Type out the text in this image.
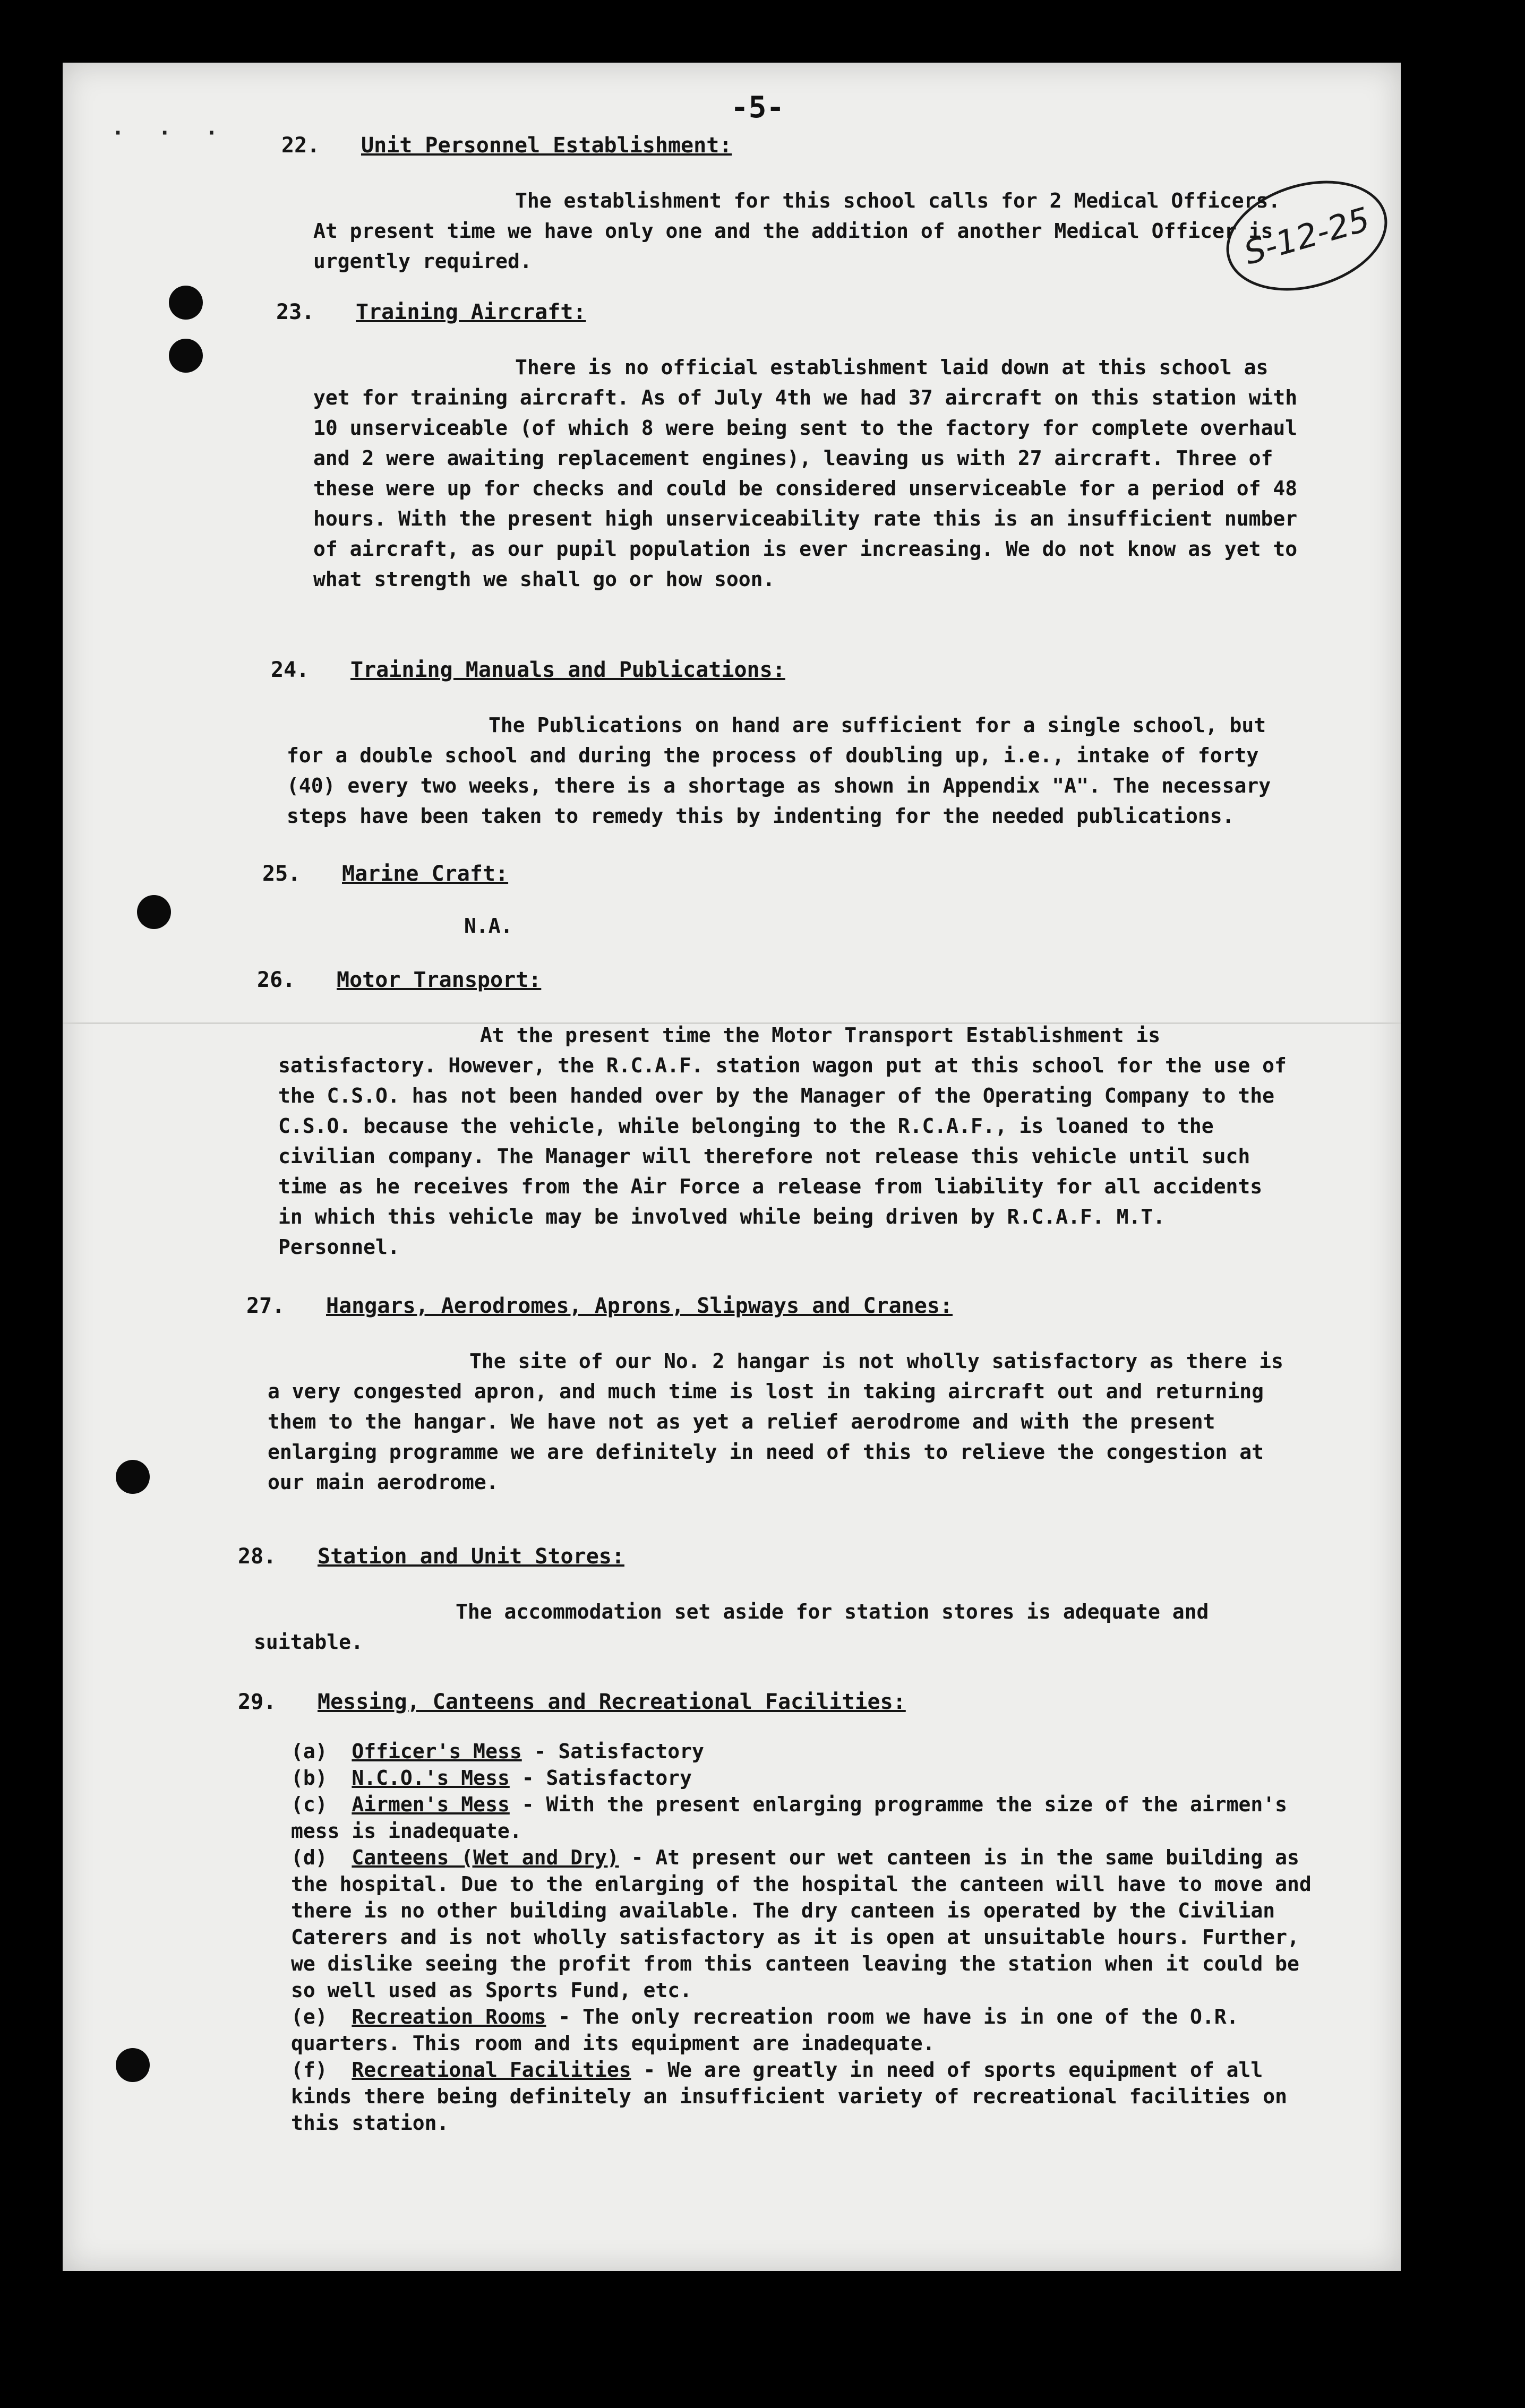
· · ·
-5-
S-12-25
22. Unit Personnel Establishment:

The establishment for this school calls for 2 Medical Officers. At present time we have only one and the addition of another Medical Officer is urgently required.

23. Training Aircraft:

There is no official establishment laid down at this school as yet for training aircraft. As of July 4th we had 37 aircraft on this station with 10 unserviceable (of which 8 were being sent to the factory for complete overhaul and 2 were awaiting replacement engines), leaving us with 27 aircraft. Three of these were up for checks and could be considered unserviceable for a period of 48 hours. With the present high unserviceability rate this is an insufficient number of aircraft, as our pupil population is ever increasing. We do not know as yet to what strength we shall go or how soon.

24. Training Manuals and Publications:

The Publications on hand are sufficient for a single school, but for a double school and during the process of doubling up, i.e., intake of forty (40) every two weeks, there is a shortage as shown in Appendix "A". The necessary steps have been taken to remedy this by indenting for the needed publications.

25. Marine Craft:
N.A.
26. Motor Transport:

At the present time the Motor Transport Establishment is satisfactory. However, the R.C.A.F. station wagon put at this school for the use of the C.S.O. has not been handed over by the Manager of the Operating Company to the C.S.O. because the vehicle, while belonging to the R.C.A.F., is loaned to the civilian company. The Manager will therefore not release this vehicle until such time as he receives from the Air Force a release from liability for all accidents in which this vehicle may be involved while being driven by R.C.A.F. M.T. Personnel.

27. Hangars, Aerodromes, Aprons, Slipways and Cranes:

The site of our No. 2 hangar is not wholly satisfactory as there is a very congested apron, and much time is lost in taking aircraft out and returning them to the hangar. We have not as yet a relief aerodrome and with the present enlarging programme we are definitely in need of this to relieve the congestion at our main aerodrome.

28. Station and Unit Stores:

The accommodation set aside for station stores is adequate and suitable.

29. Messing, Canteens and Recreational Facilities:

(a) Officer's Mess - Satisfactory

(b) N.C.O.'s Mess - Satisfactory

(c) Airmen's Mess - With the present enlarging programme the size of the airmen's mess is inadequate.

(d) Canteens (Wet and Dry) - At present our wet canteen is in the same building as the hospital. Due to the enlarging of the hospital the canteen will have to move and there is no other building available. The dry canteen is operated by the Civilian Caterers and is not wholly satisfactory as it is open at unsuitable hours. Further, we dislike seeing the profit from this canteen leaving the station when it could be so well used as Sports Fund, etc.

(e) Recreation Rooms - The only recreation room we have is in one of the O.R. quarters. This room and its equipment are inadequate.

(f) Recreational Facilities - We are greatly in need of sports equipment of all kinds there being definitely an insufficient variety of recreational facilities on this station.
